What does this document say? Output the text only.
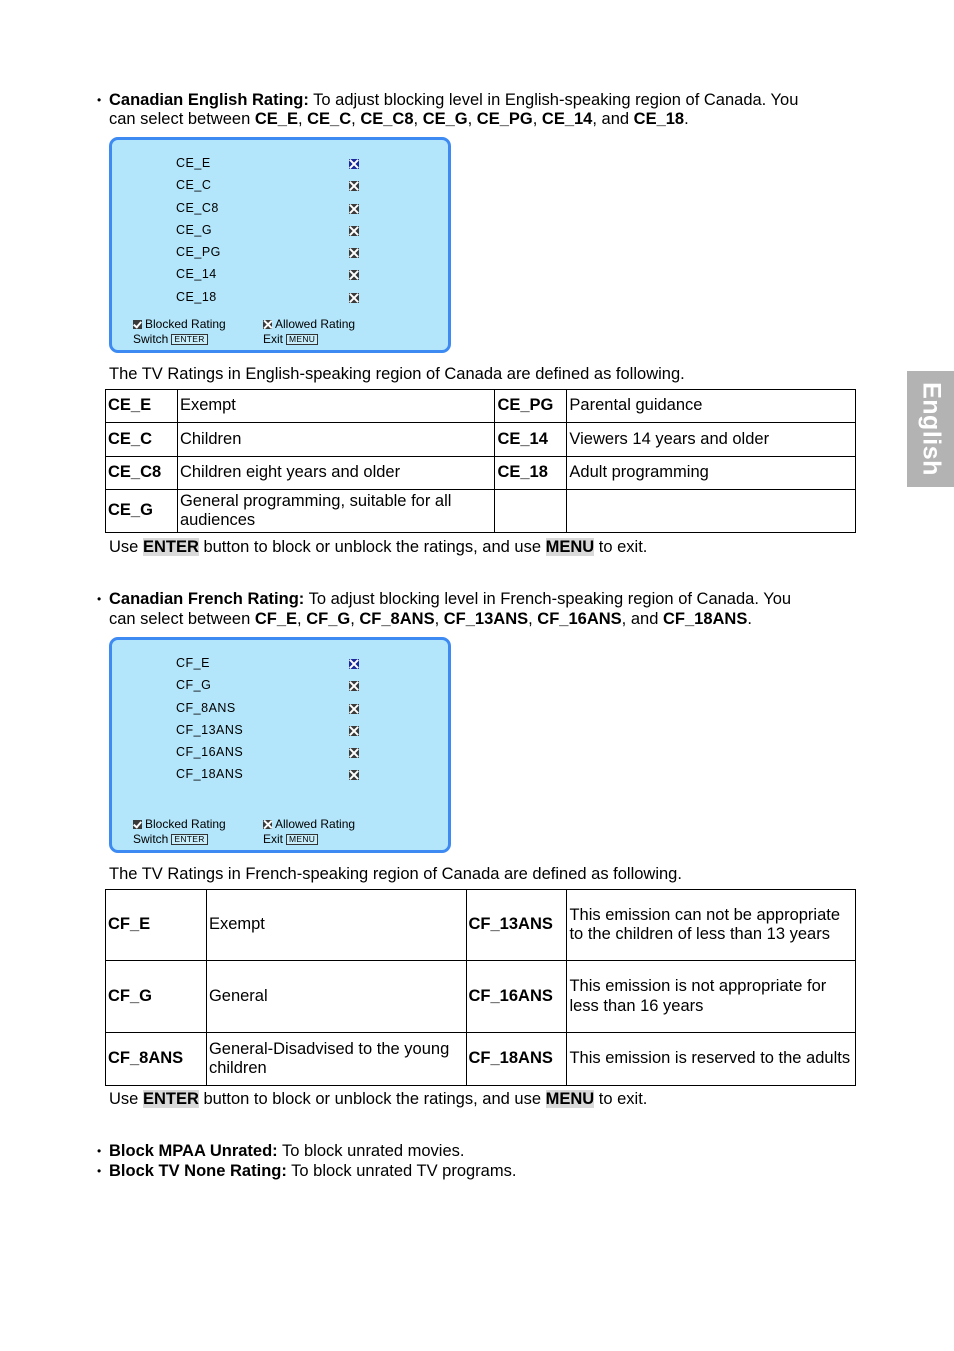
English
• Canadian English Rating: To adjust blocking level in English-speaking region of Canada. You
can select between CE_E, CE_C, CE_C8, CE_G, CE_PG, CE_14, and CE_18.
CE_E
CE_C
CE_C8
CE_G
CE_PG
CE_14
CE_18
Blocked Rating	Allowed Rating
Switch ENTER	Exit MENU
The TV Ratings in English-speaking region of Canada are defined as following.
CE_E	Exempt	CE_PG	Parental guidance
CE_C	Children	CE_14	Viewers 14 years and older
CE_C8	Children eight years and older	CE_18	Adult programming
CE_G	General programming, suitable for all audiences		
Use ENTER button to block or unblock the ratings, and use MENU to exit.
• Canadian French Rating: To adjust blocking level in French-speaking region of Canada. You
can select between CF_E, CF_G, CF_8ANS, CF_13ANS, CF_16ANS, and CF_18ANS.
CF_E
CF_G
CF_8ANS
CF_13ANS
CF_16ANS
CF_18ANS
Blocked Rating	Allowed Rating
Switch ENTER	Exit MENU
The TV Ratings in French-speaking region of Canada are defined as following.
CF_E	Exempt	CF_13ANS	This emission can not be appropriate to the children of less than 13 years
CF_G	General	CF_16ANS	This emission is not appropriate for less than 16 years
CF_8ANS	General-Disadvised to the young children	CF_18ANS	This emission is reserved to the adults
Use ENTER button to block or unblock the ratings, and use MENU to exit.
• Block MPAA Unrated: To block unrated movies.
• Block TV None Rating: To block unrated TV programs.
